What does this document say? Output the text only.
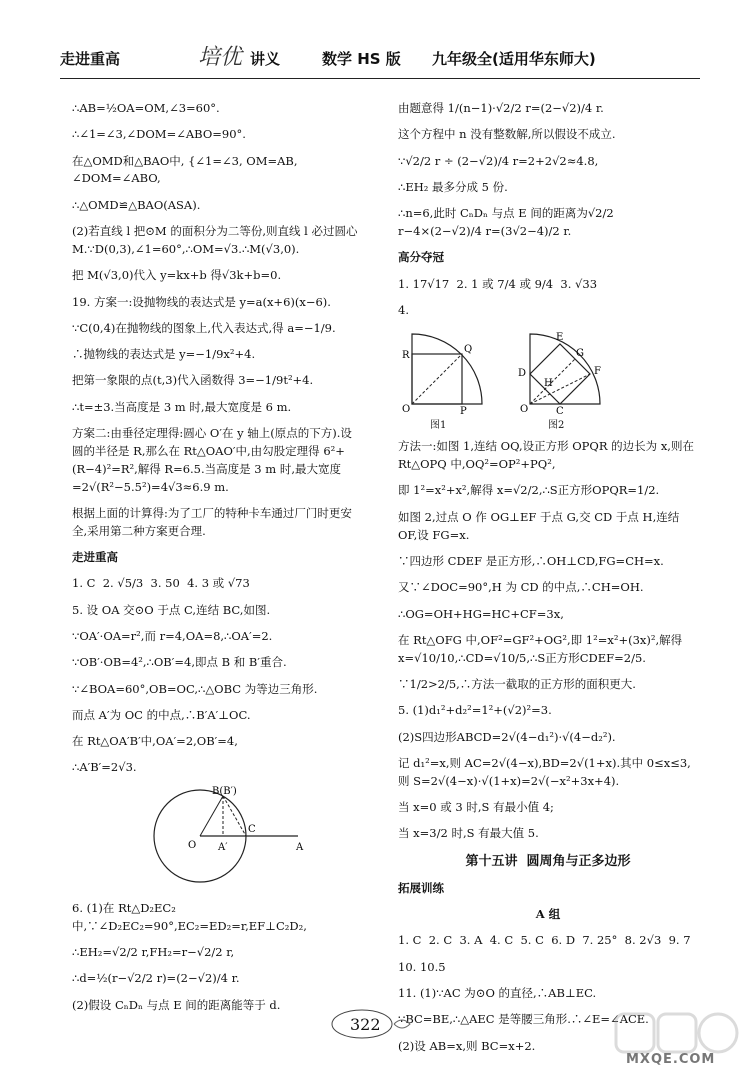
走进重高	培优 讲义	数学 HS 版 九年级全(适用华东师大)

∴AB=½OA=OM,∠3=60°.

∴∠1=∠3,∠DOM=∠ABO=90°.

在△OMD和△BAO中, {∠1=∠3, OM=AB, ∠DOM=∠ABO,

∴△OMD≌△BAO(ASA).

(2)若直线 l 把⊙M 的面积分为二等份,则直线 l 必过圆心 M.∵D(0,3),∠1=60°,∴OM=√3.∴M(√3,0).

把 M(√3,0)代入 y=kx+b 得√3k+b=0.

19. 方案一:设抛物线的表达式是 y=a(x+6)(x−6).

∵C(0,4)在抛物线的图象上,代入表达式,得 a=−1/9.

∴抛物线的表达式是 y=−1/9x²+4.

把第一象限的点(t,3)代入函数得 3=−1/9t²+4.

∴t=±3.当高度是 3 m 时,最大宽度是 6 m.

方案二:由垂径定理得:圆心 O′在 y 轴上(原点的下方).设圆的半径是 R,那么在 Rt△OAO′中,由勾股定理得 6²+(R−4)²=R²,解得 R=6.5.当高度是 3 m 时,最大宽度=2√(R²−5.5²)=4√3≈6.9 m.

根据上面的计算得:为了工厂的特种卡车通过厂门时更安全,采用第二种方案更合理.

走进重高

1. C  2. √5/3  3. 50  4. 3 或 √73

5. 设 OA 交⊙O 于点 C,连结 BC,如图.

∵OA′·OA=r²,而 r=4,OA=8,∴OA′=2.

∵OB′·OB=4²,∴OB′=4,即点 B 和 B′重合.

∵∠BOA=60°,OB=OC,∴△OBC 为等边三角形.

而点 A′为 OC 的中点,∴B′A′⊥OC.

在 Rt△OA′B′中,OA′=2,OB′=4,

∴A′B′=2√3.

B(B′)
O A′
C
A

6. (1)在 Rt△D₂EC₂ 中,∵∠D₂EC₂=90°,EC₂=ED₂=r,EF⊥C₂D₂,

∴EH₂=√2/2 r,FH₂=r−√2/2 r,

∴d=½(r−√2/2 r)=(2−√2)/4 r.

(2)假设 CₙDₙ 与点 E 间的距离能等于 d.

由题意得 1/(n−1)·√2/2 r=(2−√2)/4 r.

这个方程中 n 没有整数解,所以假设不成立.

∵√2/2 r ÷ (2−√2)/4 r=2+2√2≈4.8,

∴EH₂ 最多分成 5 份.

∴n=6,此时 CₙDₙ 与点 E 间的距离为√2/2 r−4×(2−√2)/4 r=(3√2−4)/2 r.

高分夺冠

1. 17√17  2. 1 或 7/4 或 9/4  3. √33

4.

R
Q
O	P
D
G
F
E
H
O	C
图1	图2

方法一:如图 1,连结 OQ,设正方形 OPQR 的边长为 x,则在 Rt△OPQ 中,OQ²=OP²+PQ²,

即 1²=x²+x²,解得 x=√2/2,∴S正方形OPQR=1/2.

如图 2,过点 O 作 OG⊥EF 于点 G,交 CD 于点 H,连结 OF,设 FG=x.

∵四边形 CDEF 是正方形,∴OH⊥CD,FG=CH=x.

又∵∠DOC=90°,H 为 CD 的中点,∴CH=OH.

∴OG=OH+HG=HC+CF=3x,

在 Rt△OFG 中,OF²=GF²+OG²,即 1²=x²+(3x)²,解得 x=√10/10,∴CD=√10/5,∴S正方形CDEF=2/5.

∵1/2>2/5,∴方法一截取的正方形的面积更大.

5. (1)d₁²+d₂²=1²+(√2)²=3.

(2)S四边形ABCD=2√(4−d₁²)·√(4−d₂²).

记 d₁²=x,则 AC=2√(4−x),BD=2√(1+x).其中 0≤x≤3,则 S=2√(4−x)·√(1+x)=2√(−x²+3x+4).

当 x=0 或 3 时,S 有最小值 4;

当 x=3/2 时,S 有最大值 5.

第十五讲  圆周角与正多边形

拓展训练

A 组

1. C  2. C  3. A  4. C  5. C  6. D  7. 25°  8. 2√3  9. 7

10. 10.5

11. (1)∵AC 为⊙O 的直径,∴AB⊥EC.

∵BC=BE,∴△AEC 是等腰三角形.∴∠E=∠ACE.

(2)设 AB=x,则 BC=x+2.

322
MXQE.COM
